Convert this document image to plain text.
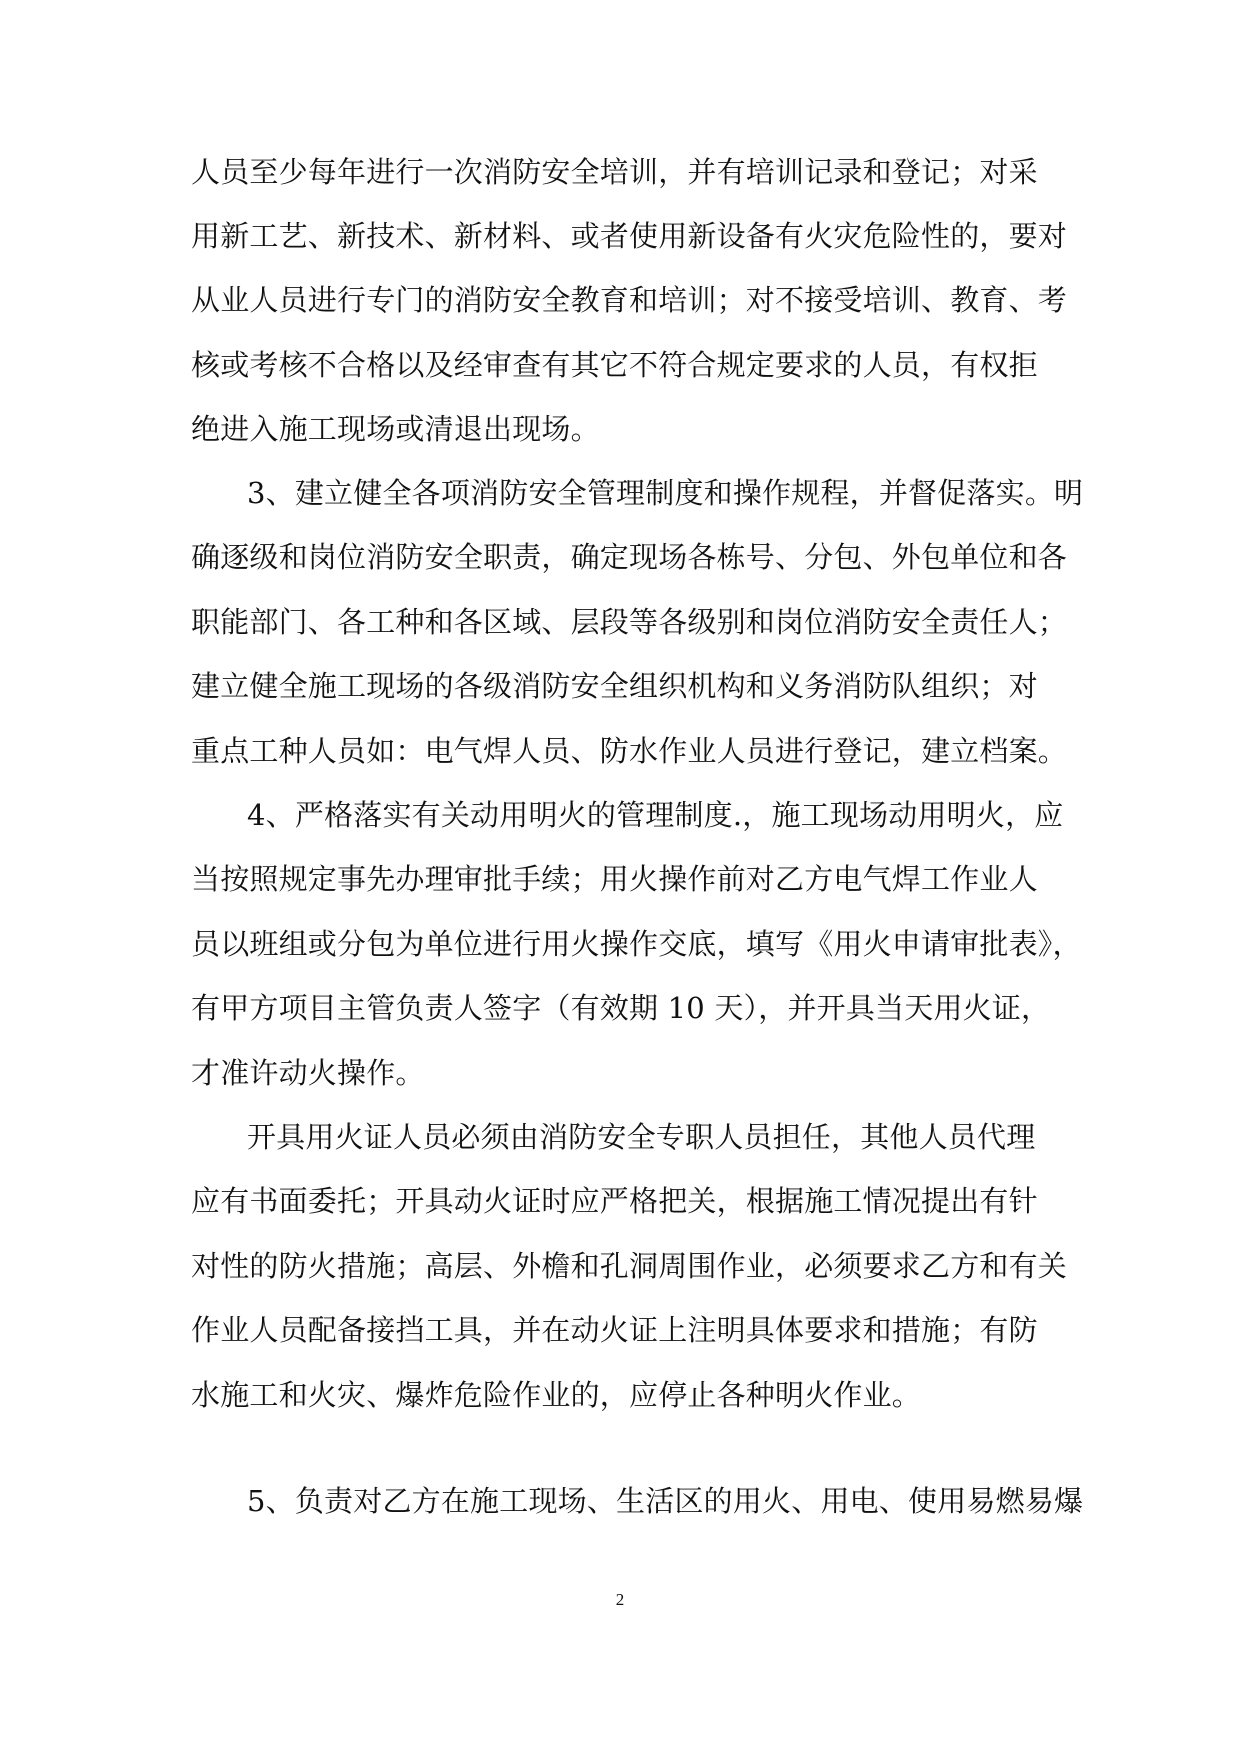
人员至少每年进行一次消防安全培训，并有培训记录和登记；对采
用新工艺、新技术、新材料、或者使用新设备有火灾危险性的，要对
从业人员进行专门的消防安全教育和培训；对不接受培训、教育、考
核或考核不合格以及经审查有其它不符合规定要求的人员，有权拒
绝进入施工现场或清退出现场。
3、建立健全各项消防安全管理制度和操作规程，并督促落实。明
确逐级和岗位消防安全职责，确定现场各栋号、分包、外包单位和各
职能部门、各工种和各区域、层段等各级别和岗位消防安全责任人；
建立健全施工现场的各级消防安全组织机构和义务消防队组织；对
重点工种人员如：电气焊人员、防水作业人员进行登记，建立档案。
4、严格落实有关动用明火的管理制度.，施工现场动用明火，应
当按照规定事先办理审批手续；用火操作前对乙方电气焊工作业人
员以班组或分包为单位进行用火操作交底，填写《用火申请审批表》，
有甲方项目主管负责人签字（有效期 10 天），并开具当天用火证，
才准许动火操作。
开具用火证人员必须由消防安全专职人员担任，其他人员代理
应有书面委托；开具动火证时应严格把关，根据施工情况提出有针
对性的防火措施；高层、外檐和孔洞周围作业，必须要求乙方和有关
作业人员配备接挡工具，并在动火证上注明具体要求和措施；有防
水施工和火灾、爆炸危险作业的，应停止各种明火作业。
5、负责对乙方在施工现场、生活区的用火、用电、使用易燃易爆
2
